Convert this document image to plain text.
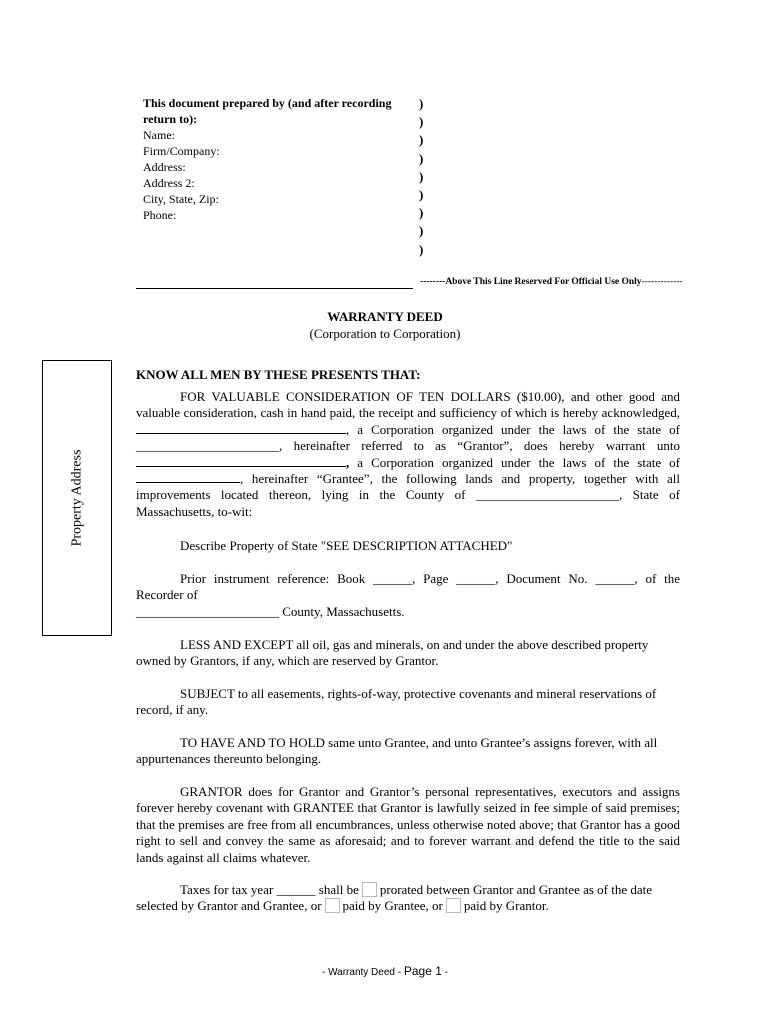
This document prepared by (and after recording
return to):
Name:
Firm/Company:
Address:
Address 2:
City, State, Zip:
Phone:
)
)
)
)
)
)
)
)
)
--------Above This Line Reserved For Official Use Only-------------
WARRANTY DEED
(Corporation to Corporation)
Property Address
KNOW ALL MEN BY THESE PRESENTS THAT:
FOR VALUABLE CONSIDERATION OF TEN DOLLARS ($10.00), and other good and valuable consideration, cash in hand paid, the receipt and sufficiency of which is hereby acknowledged, , a Corporation organized under the laws of the state of ______________________, hereinafter referred to as “Grantor”, does hereby warrant unto , a Corporation organized under the laws of the state of , hereinafter “Grantee”, the following lands and property, together with all improvements located thereon, lying in the County of ______________________, State of Massachusetts, to-wit:
Describe Property of State "SEE DESCRIPTION ATTACHED"
Prior instrument reference: Book ______, Page ______, Document No. ______, of the Recorder of
______________________ County, Massachusetts.
LESS AND EXCEPT all oil, gas and minerals, on and under the above described property owned by Grantors, if any, which are reserved by Grantor.
SUBJECT to all easements, rights-of-way, protective covenants and mineral reservations of record, if any.
TO HAVE AND TO HOLD same unto Grantee, and unto Grantee’s assigns forever, with all appurtenances thereunto belonging.
GRANTOR does for Grantor and Grantor’s personal representatives, executors and assigns forever hereby covenant with GRANTEE that Grantor is lawfully seized in fee simple of said premises; that the premises are free from all encumbrances, unless otherwise noted above; that Grantor has a good right to sell and convey the same as aforesaid; and to forever warrant and defend the title to the said lands against all claims whatever.
Taxes for tax year ______ shall be prorated between Grantor and Grantee as of the date selected by Grantor and Grantee, or paid by Grantee, or paid by Grantor.
- Warranty Deed - Page 1 -
